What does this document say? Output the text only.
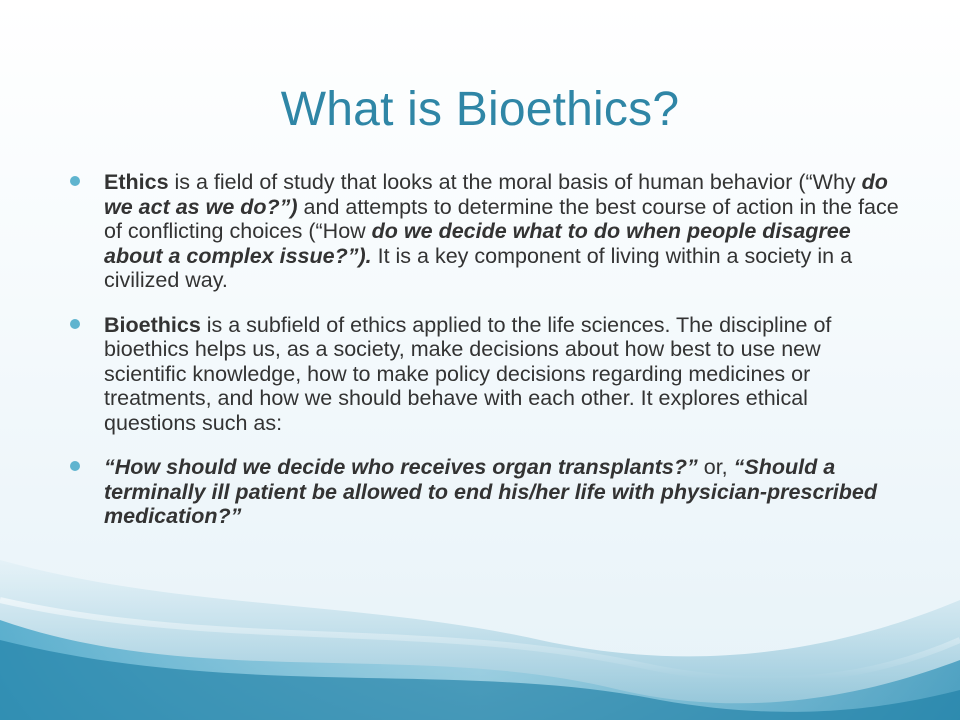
What is Bioethics?
Ethics is a field of study that looks at the moral basis of human behavior (“Why do we act as we do?”) and attempts to determine the best course of action in the face of conflicting choices (“How do we decide what to do when people disagree about a complex issue?”). It is a key component of living within a society in a civilized way.
Bioethics is a subfield of ethics applied to the life sciences. The discipline of bioethics helps us, as a society, make decisions about how best to use new scientific knowledge, how to make policy decisions regarding medicines or treatments, and how we should behave with each other. It explores ethical questions such as:
“How should we decide who receives organ transplants?” or, “Should a terminally ill patient be allowed to end his/her life with physician-prescribed medication?”
